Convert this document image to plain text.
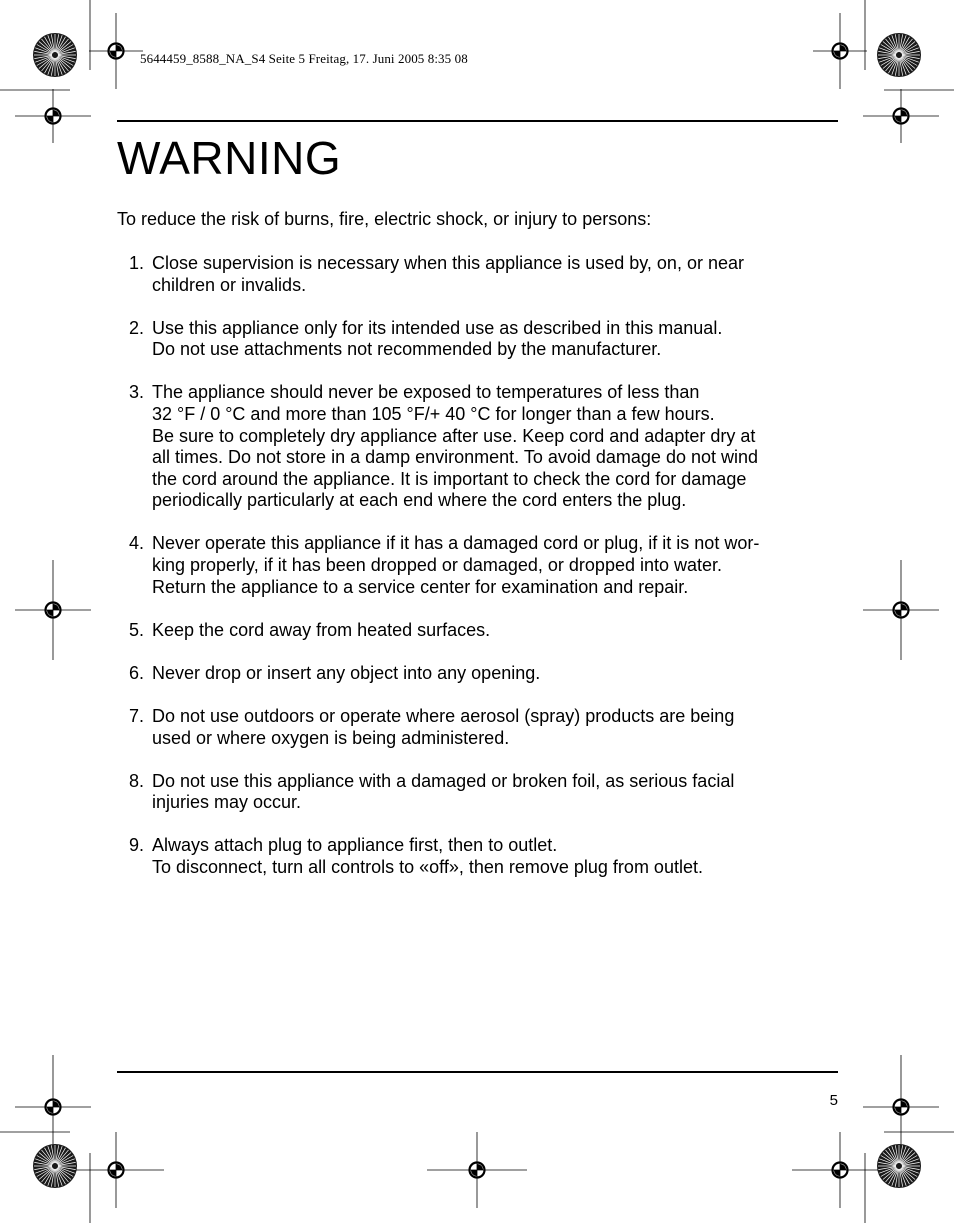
5644459_8588_NA_S4 Seite 5 Freitag, 17. Juni 2005 8:35 08
WARNING

To reduce the risk of burns, fire, electric shock, or injury to persons:

1. Close supervision is necessary when this appliance is used by, on, or near
children or invalids.
2. Use this appliance only for its intended use as described in this manual.
Do not use attachments not recommended by the manufacturer.
3. The appliance should never be exposed to temperatures of less than
32 °F / 0 °C and more than 105 °F/+ 40 °C for longer than a few hours.
Be sure to completely dry appliance after use. Keep cord and adapter dry at
all times. Do not store in a damp environment. To avoid damage do not wind
the cord around the appliance. It is important to check the cord for damage
periodically particularly at each end where the cord enters the plug.
4. Never operate this appliance if it has a damaged cord or plug, if it is not wor-
king properly, if it has been dropped or damaged, or dropped into water.
Return the appliance to a service center for examination and repair.
5. Keep the cord away from heated surfaces.
6. Never drop or insert any object into any opening.
7. Do not use outdoors or operate where aerosol (spray) products are being
used or where oxygen is being administered.
8. Do not use this appliance with a damaged or broken foil, as serious facial
injuries may occur.
9. Always attach plug to appliance first, then to outlet.
To disconnect, turn all controls to «off», then remove plug from outlet.
5
